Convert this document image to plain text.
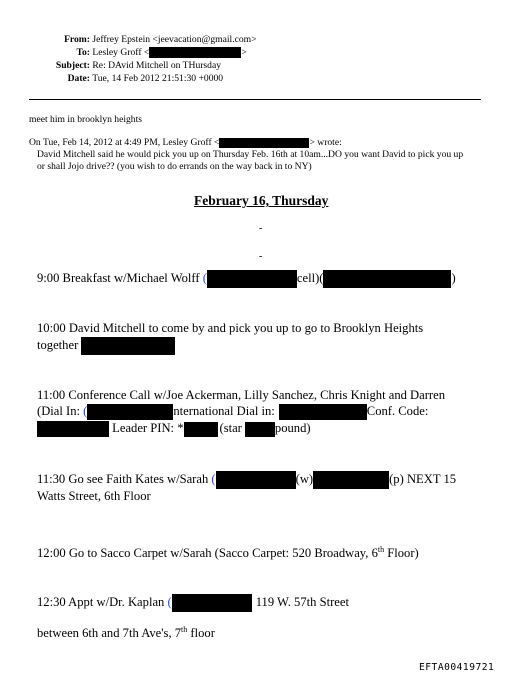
From: Jeffrey Epstein <jeevacation@gmail.com>
To: Lesley Groff <	>
Subject: Re: DAvid Mitchell on THursday
Date: Tue, 14 Feb 2012 21:51:30 +0000
meet him in brooklyn heights
On Tue, Feb 14, 2012 at 4:49 PM, Lesley Groff <	> wrote:
David Mitchell said he would pick you up on Thursday Feb. 16th at 10am...DO you want David to pick you up
or shall Jojo drive?? (you wish to do errands on the way back in to NY)
February 16, Thursday
-
-
9:00 Breakfast w/Michael Wolff (	cell)(	)
10:00 David Mitchell to come by and pick you up to go to Brooklyn Heights
together
11:00 Conference Call w/Joe Ackerman, Lilly Sanchez, Chris Knight and Darren
(Dial In: (	nternational Dial in:	Conf. Code:
Leader PIN: *	(star	pound)
11:30 Go see Faith Kates w/Sarah (	(w)	(p) NEXT 15
Watts Street, 6th Floor
12:00 Go to Sacco Carpet w/Sarah (Sacco Carpet: 520 Broadway, 6th Floor)
12:30 Appt w/Dr. Kaplan (	119 W. 57th Street
between 6th and 7th Ave's, 7th floor
EFTA00419721
